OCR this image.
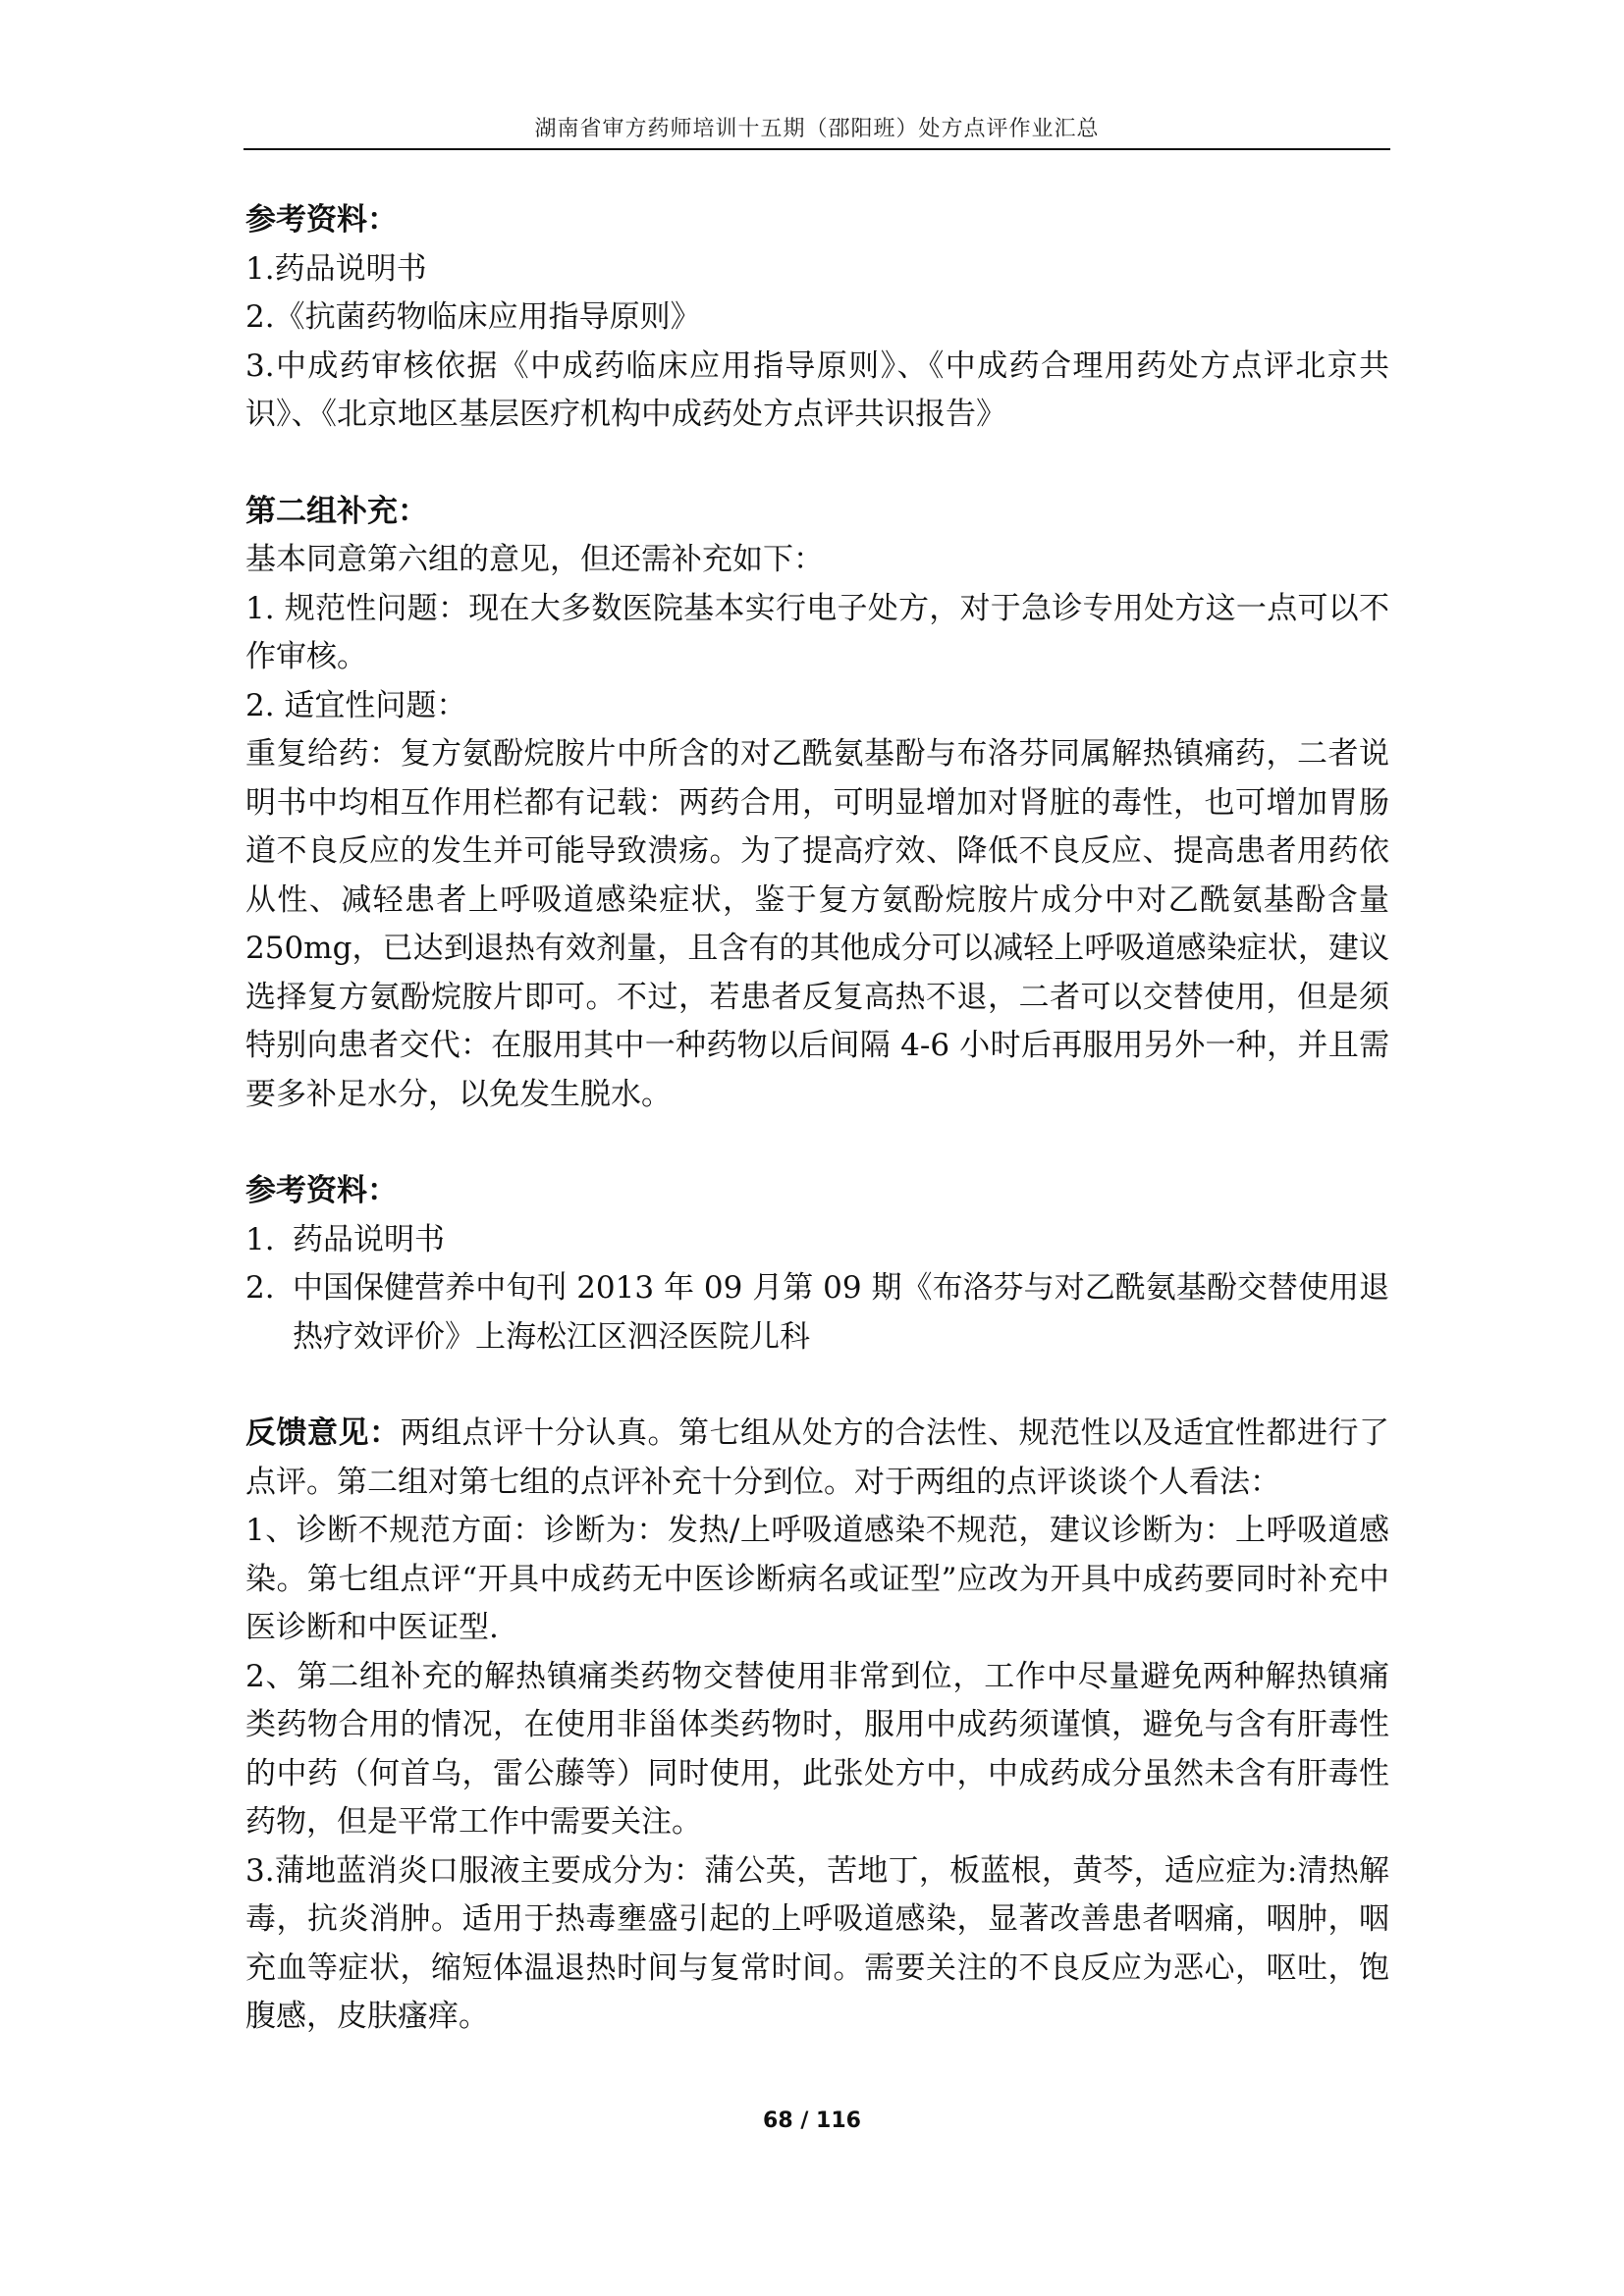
湖南省审方药师培训十五期（邵阳班）处方点评作业汇总

参考资料：

1.药品说明书

2.《抗菌药物临床应用指导原则》

3.中成药审核依据《中成药临床应用指导原则》、《中成药合理用药处方点评北京共识》、《北京地区基层医疗机构中成药处方点评共识报告》

第二组补充：

基本同意第六组的意见，但还需补充如下：

1. 规范性问题：现在大多数医院基本实行电子处方，对于急诊专用处方这一点可以不作审核。

2. 适宜性问题：

重复给药：复方氨酚烷胺片中所含的对乙酰氨基酚与布洛芬同属解热镇痛药，二者说明书中均相互作用栏都有记载：两药合用，可明显增加对肾脏的毒性，也可增加胃肠道不良反应的发生并可能导致溃疡。为了提高疗效、降低不良反应、提高患者用药依从性、减轻患者上呼吸道感染症状，鉴于复方氨酚烷胺片成分中对乙酰氨基酚含量250mg，已达到退热有效剂量，且含有的其他成分可以减轻上呼吸道感染症状，建议选择复方氨酚烷胺片即可。不过，若患者反复高热不退，二者可以交替使用，但是须特别向患者交代：在服用其中一种药物以后间隔 4-6 小时后再服用另外一种，并且需要多补足水分，以免发生脱水。

参考资料：

1. 药品说明书

2. 中国保健营养中旬刊 2013 年 09 月第 09 期《布洛芬与对乙酰氨基酚交替使用退热疗效评价》上海松江区泗泾医院儿科

反馈意见：两组点评十分认真。第七组从处方的合法性、规范性以及适宜性都进行了点评。第二组对第七组的点评补充十分到位。对于两组的点评谈谈个人看法：

1、诊断不规范方面：诊断为：发热/上呼吸道感染不规范，建议诊断为：上呼吸道感染。第七组点评“开具中成药无中医诊断病名或证型”应改为开具中成药要同时补充中医诊断和中医证型.

2、第二组补充的解热镇痛类药物交替使用非常到位，工作中尽量避免两种解热镇痛类药物合用的情况，在使用非甾体类药物时，服用中成药须谨慎，避免与含有肝毒性的中药（何首乌，雷公藤等）同时使用，此张处方中，中成药成分虽然未含有肝毒性药物，但是平常工作中需要关注。

3.蒲地蓝消炎口服液主要成分为：蒲公英，苦地丁，板蓝根，黄芩，适应症为:清热解毒，抗炎消肿。适用于热毒壅盛引起的上呼吸道感染，显著改善患者咽痛，咽肿，咽充血等症状，缩短体温退热时间与复常时间。需要关注的不良反应为恶心，呕吐，饱腹感，皮肤瘙痒。

68 / 116
